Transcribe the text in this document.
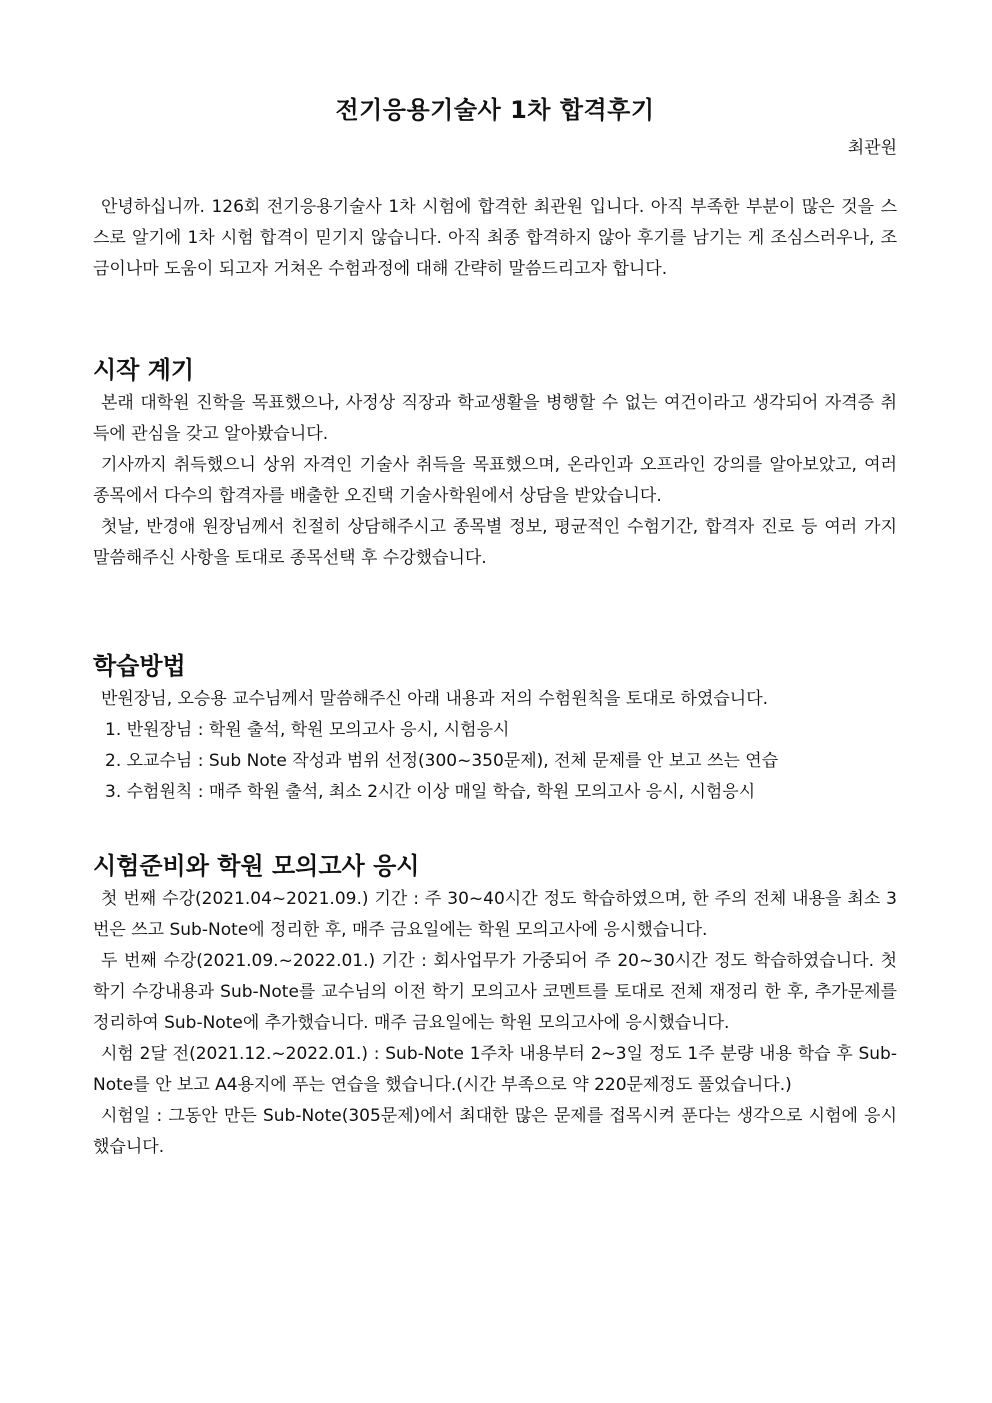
전기응용기술사 1차 합격후기
최관원

안녕하십니까. 126회 전기응용기술사 1차 시험에 합격한 최관원 입니다. 아직 부족한 부분이 많은 것을 스스로 알기에 1차 시험 합격이 믿기지 않습니다. 아직 최종 합격하지 않아 후기를 남기는 게 조심스러우나, 조금이나마 도움이 되고자 거쳐온 수험과정에 대해 간략히 말씀드리고자 합니다.

시작 계기

본래 대학원 진학을 목표했으나, 사정상 직장과 학교생활을 병행할 수 없는 여건이라고 생각되어 자격증 취득에 관심을 갖고 알아봤습니다.

기사까지 취득했으니 상위 자격인 기술사 취득을 목표했으며, 온라인과 오프라인 강의를 알아보았고, 여러 종목에서 다수의 합격자를 배출한 오진택 기술사학원에서 상담을 받았습니다.

첫날, 반경애 원장님께서 친절히 상담해주시고 종목별 정보, 평균적인 수험기간, 합격자 진로 등 여러 가지 말씀해주신 사항을 토대로 종목선택 후 수강했습니다.

학습방법

반원장님, 오승용 교수님께서 말씀해주신 아래 내용과 저의 수험원칙을 토대로 하였습니다.

1. 반원장님 : 학원 출석, 학원 모의고사 응시, 시험응시

2. 오교수님 : Sub Note 작성과 범위 선정(300~350문제), 전체 문제를 안 보고 쓰는 연습

3. 수험원칙 : 매주 학원 출석, 최소 2시간 이상 매일 학습, 학원 모의고사 응시, 시험응시

시험준비와 학원 모의고사 응시

첫 번째 수강(2021.04~2021.09.) 기간 : 주 30~40시간 정도 학습하였으며, 한 주의 전체 내용을 최소 3번은 쓰고 Sub-Note에 정리한 후, 매주 금요일에는 학원 모의고사에 응시했습니다.

두 번째 수강(2021.09.~2022.01.) 기간 : 회사업무가 가중되어 주 20~30시간 정도 학습하였습니다. 첫 학기 수강내용과 Sub-Note를 교수님의 이전 학기 모의고사 코멘트를 토대로 전체 재정리 한 후, 추가문제를 정리하여 Sub-Note에 추가했습니다. 매주 금요일에는 학원 모의고사에 응시했습니다.

시험 2달 전(2021.12.~2022.01.) : Sub-Note 1주차 내용부터 2~3일 정도 1주 분량 내용 학습 후 Sub-Note를 안 보고 A4용지에 푸는 연습을 했습니다.(시간 부족으로 약 220문제정도 풀었습니다.)

시험일 : 그동안 만든 Sub-Note(305문제)에서 최대한 많은 문제를 접목시켜 푼다는 생각으로 시험에 응시했습니다.
